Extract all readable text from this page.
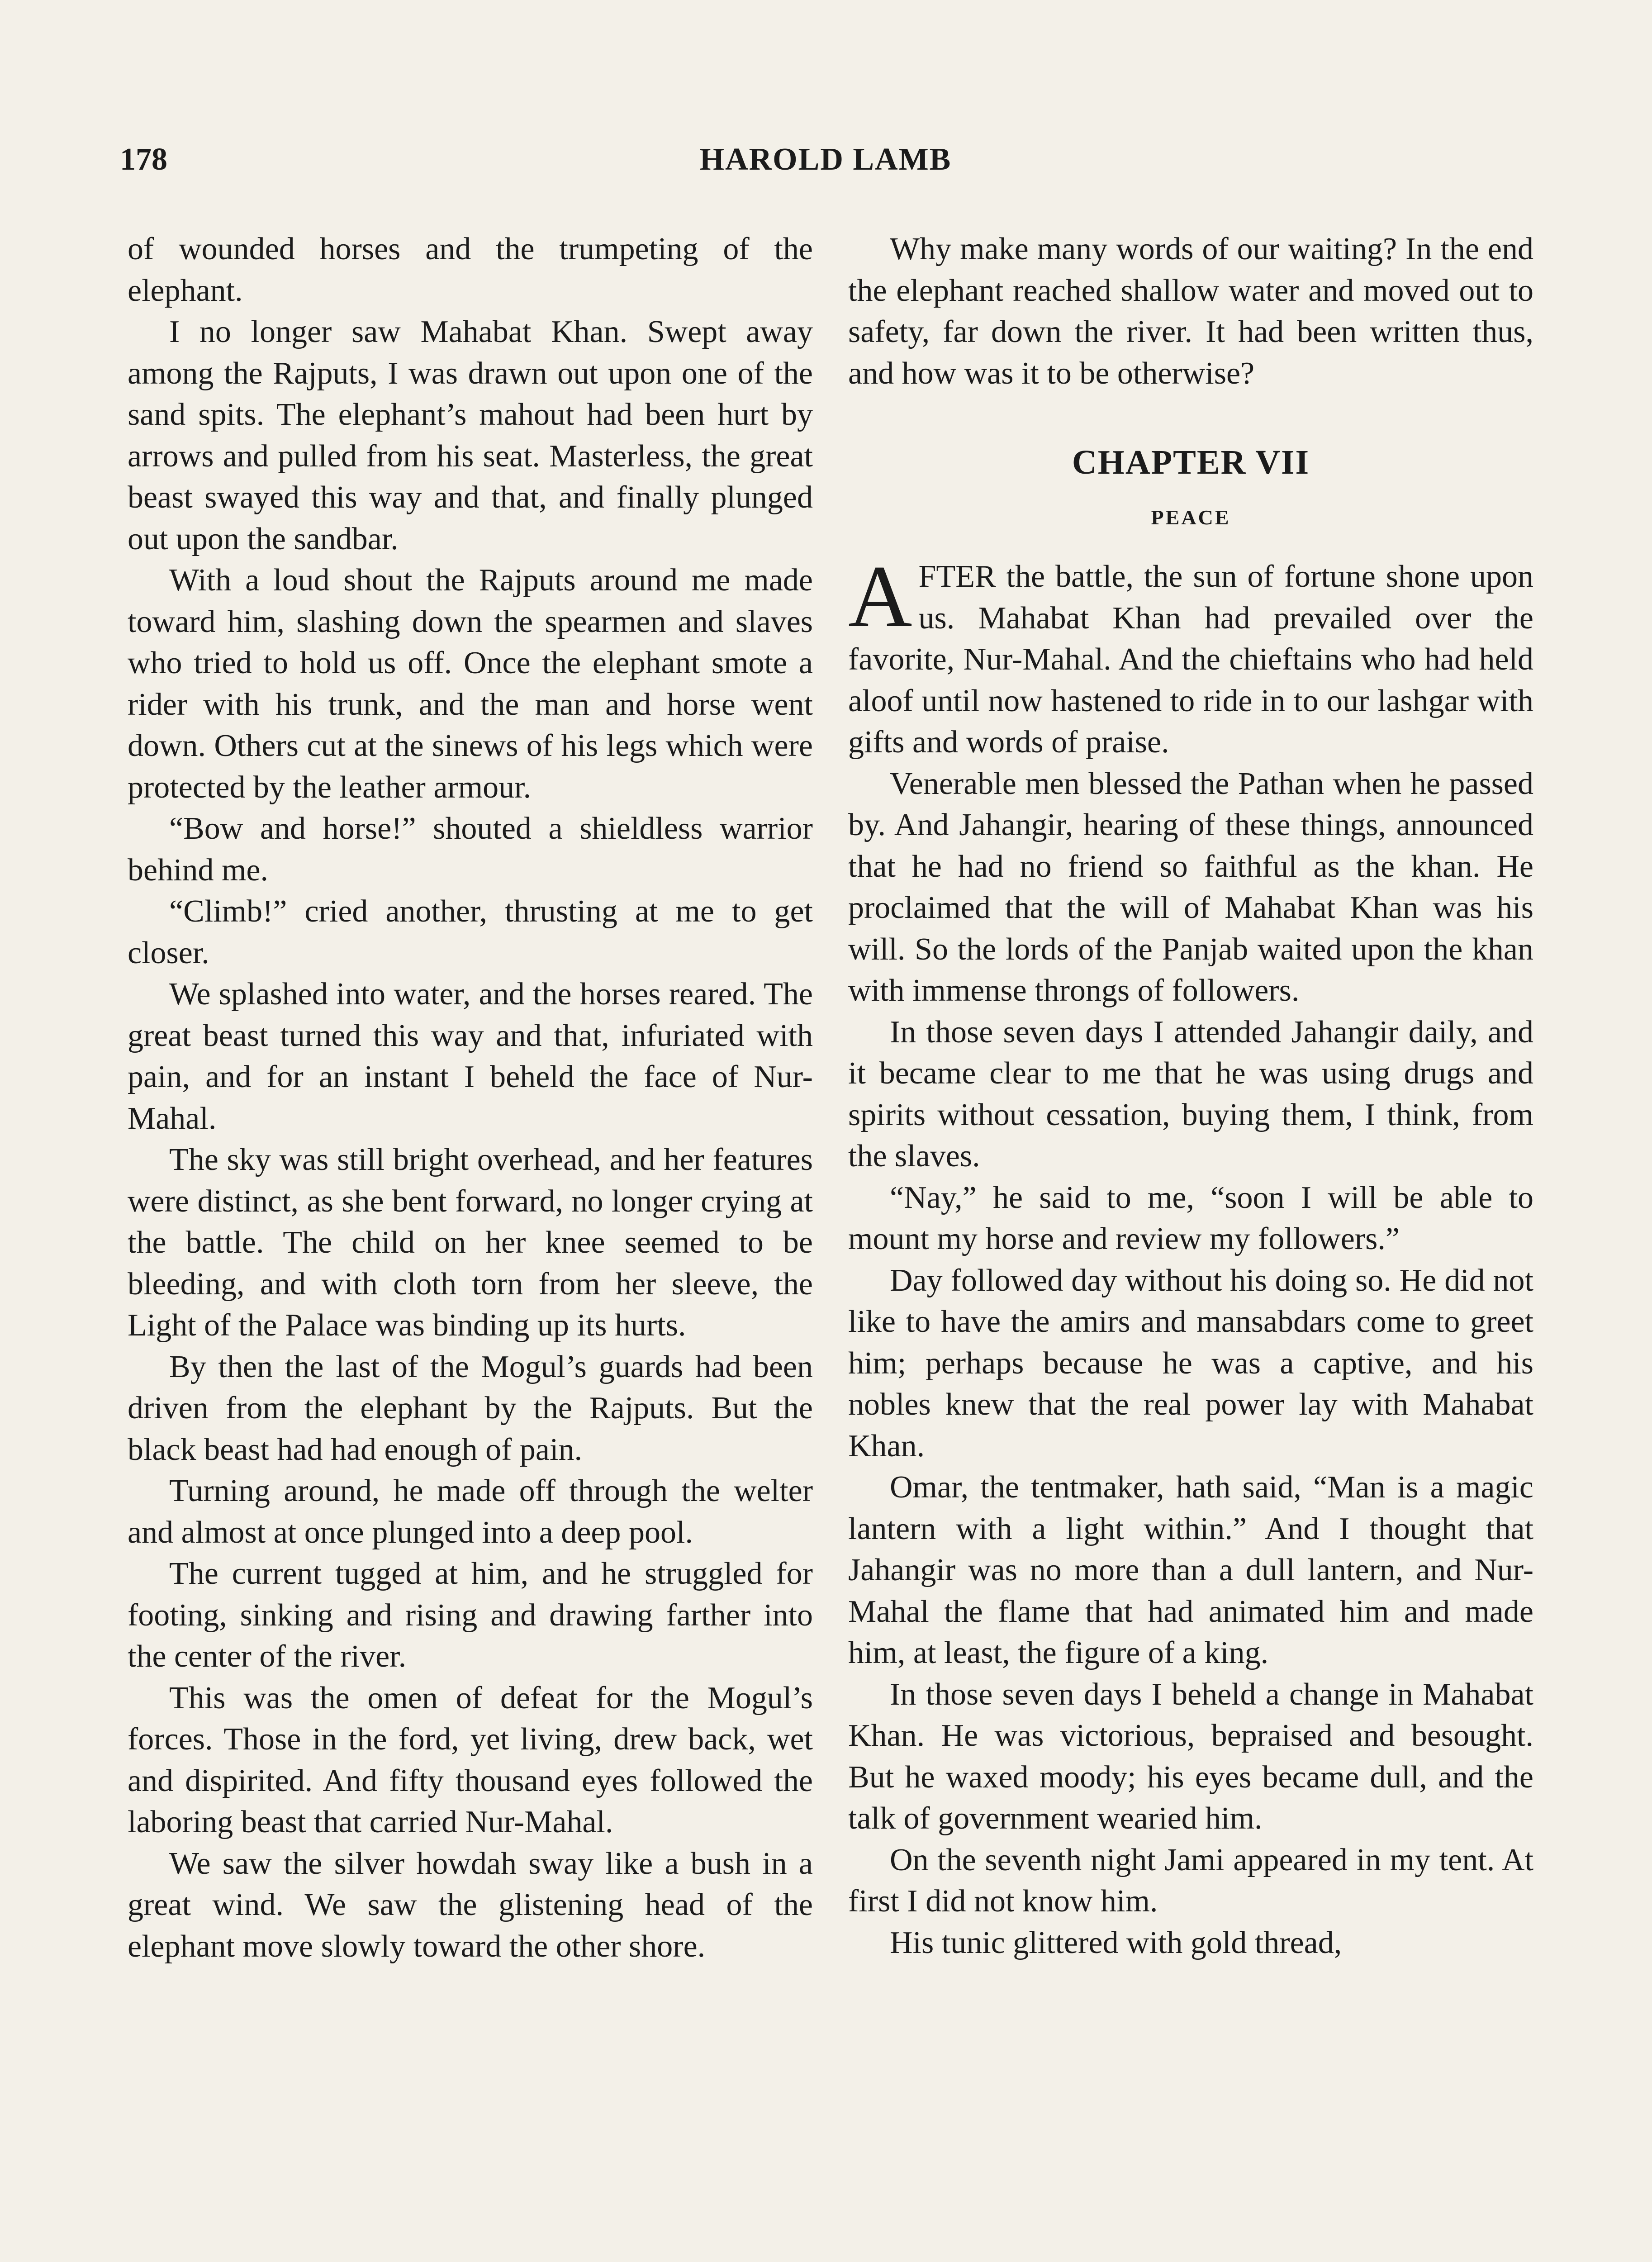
178	HAROLD LAMB

of wounded horses and the trumpeting of the elephant.

I no longer saw Mahabat Khan. Swept away among the Rajputs, I was drawn out upon one of the sand spits. The elephant’s mahout had been hurt by arrows and pulled from his seat. Masterless, the great beast swayed this way and that, and finally plunged out upon the sandbar.

With a loud shout the Rajputs around me made toward him, slashing down the spearmen and slaves who tried to hold us off. Once the elephant smote a rider with his trunk, and the man and horse went down. Others cut at the sinews of his legs which were protected by the leather armour.

“Bow and horse!” shouted a shieldless warrior behind me.

“Climb!” cried another, thrusting at me to get closer.

We splashed into water, and the horses reared. The great beast turned this way and that, infuriated with pain, and for an instant I beheld the face of Nur-Mahal.

The sky was still bright overhead, and her features were distinct, as she bent forward, no longer crying at the battle. The child on her knee seemed to be bleeding, and with cloth torn from her sleeve, the Light of the Palace was binding up its hurts.

By then the last of the Mogul’s guards had been driven from the elephant by the Rajputs. But the black beast had had enough of pain.

Turning around, he made off through the welter and almost at once plunged into a deep pool.

The current tugged at him, and he struggled for footing, sinking and rising and drawing farther into the center of the river.

This was the omen of defeat for the Mogul’s forces. Those in the ford, yet living, drew back, wet and dispirited. And fifty thousand eyes followed the laboring beast that carried Nur-Mahal.

We saw the silver howdah sway like a bush in a great wind. We saw the glistening head of the elephant move slowly toward the other shore.

Why make many words of our waiting? In the end the elephant reached shallow water and moved out to safety, far down the river. It had been written thus, and how was it to be otherwise?

CHAPTER VII
PEACE

AFTER the battle, the sun of fortune shone upon us. Mahabat Khan had prevailed over the favorite, Nur-Mahal. And the chieftains who had held aloof until now hastened to ride in to our lashgar with gifts and words of praise.

Venerable men blessed the Pathan when he passed by. And Jahangir, hearing of these things, announced that he had no friend so faithful as the khan. He proclaimed that the will of Mahabat Khan was his will. So the lords of the Panjab waited upon the khan with immense throngs of followers.

In those seven days I attended Jahangir daily, and it became clear to me that he was using drugs and spirits without cessation, buying them, I think, from the slaves.

“Nay,” he said to me, “soon I will be able to mount my horse and review my followers.”

Day followed day without his doing so. He did not like to have the amirs and mansabdars come to greet him; perhaps because he was a captive, and his nobles knew that the real power lay with Mahabat Khan.

Omar, the tentmaker, hath said, “Man is a magic lantern with a light within.” And I thought that Jahangir was no more than a dull lantern, and Nur-Mahal the flame that had animated him and made him, at least, the figure of a king.

In those seven days I beheld a change in Mahabat Khan. He was victorious, bepraised and besought. But he waxed moody; his eyes became dull, and the talk of government wearied him.

On the seventh night Jami appeared in my tent. At first I did not know him.

His tunic glittered with gold thread,
